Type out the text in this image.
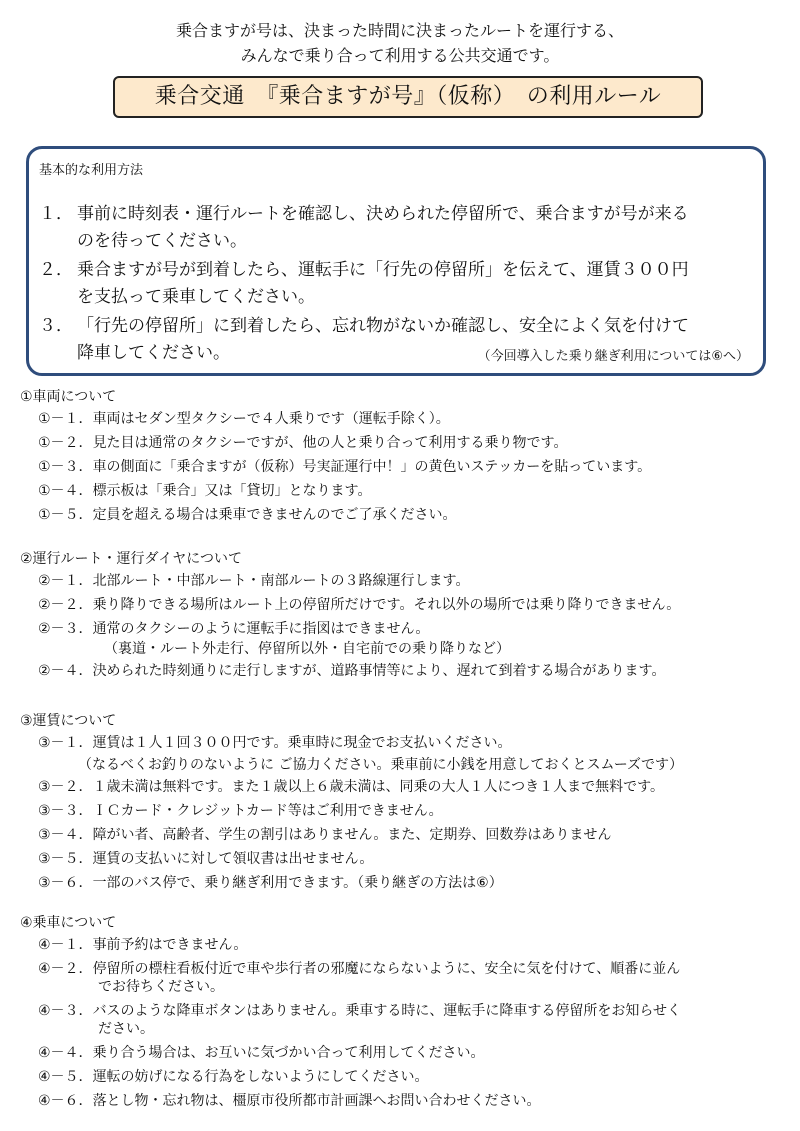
乗合ますが号は、決まった時間に決まったルートを運行する、
みんなで乗り合って利用する公共交通です。
乗合交通　『乗合ますが号』（仮称）　の利用ルール
基本的な利用方法
１． 事前に時刻表・運行ルートを確認し、決められた停留所で、乗合ますが号が来る
のを待ってください。
２． 乗合ますが号が到着したら、運転手に「行先の停留所」を伝えて、運賃３００円
を支払って乗車してください。
３． 「行先の停留所」に到着したら、忘れ物がないか確認し、安全によく気を付けて
降車してください。	（今回導入した乗り継ぎ利用については⑥へ）
①車両について
①－１．車両はセダン型タクシーで４人乗りです（運転手除く）。
①－２．見た目は通常のタクシーですが、他の人と乗り合って利用する乗り物です。
①－３．車の側面に「乗合ますが（仮称）号実証運行中！」の黄色いステッカーを貼っています。
①－４．標示板は「乗合」又は「貸切」となります。
①－５．定員を超える場合は乗車できませんのでご了承ください。
②運行ルート・運行ダイヤについて
②－１．北部ルート・中部ルート・南部ルートの３路線運行します。
②－２．乗り降りできる場所はルート上の停留所だけです。それ以外の場所では乗り降りできません。
②－３．通常のタクシーのように運転手に指図はできません。
（裏道・ルート外走行、停留所以外・自宅前での乗り降りなど）
②－４．決められた時刻通りに走行しますが、道路事情等により、遅れて到着する場合があります。
③運賃について
③－１．運賃は１人１回３００円です。乗車時に現金でお支払いください。
（なるべくお釣りのないように ご協力ください。乗車前に小銭を用意しておくとスムーズです）
③－２．１歳未満は無料です。また１歳以上６歳未満は、同乗の大人１人につき１人まで無料です。
③－３．ＩＣカード・クレジットカード等はご利用できません。
③－４．障がい者、高齢者、学生の割引はありません。また、定期券、回数券はありません
③－５．運賃の支払いに対して領収書は出せません。
③－６．一部のバス停で、乗り継ぎ利用できます。（乗り継ぎの方法は⑥）
④乗車について
④－１．事前予約はできません。
④－２．停留所の標柱看板付近で車や歩行者の邪魔にならないように、安全に気を付けて、順番に並ん
でお待ちください。
④－３．バスのような降車ボタンはありません。乗車する時に、運転手に降車する停留所をお知らせく
ださい。
④－４．乗り合う場合は、お互いに気づかい合って利用してください。
④－５．運転の妨げになる行為をしないようにしてください。
④－６．落とし物・忘れ物は、橿原市役所都市計画課へお問い合わせください。
